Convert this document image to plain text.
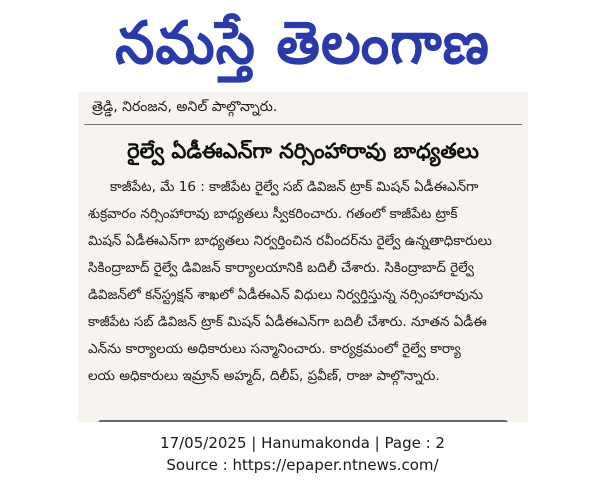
నమస్తే తెలంగాణ
త్రెడ్డి, నిరంజన, అనిల్ పాల్గొన్నారు.
రైల్వే ఏడీఈఎన్‌గా నర్సింహారావు బాధ్యతలు
కాజీపేట, మే 16 : కాజీపేట రైల్వే సబ్ డివిజన్ ట్రాక్ మిషన్ ఏడీఈఎన్‌గా
శుక్రవారం నర్సింహారావు బాధ్యతలు స్వీకరించారు. గతంలో కాజీపేట ట్రాక్
మిషన్ ఏడీఈఎన్‌గా బాధ్యతలు నిర్వర్తించిన రవీందర్‌ను రైల్వే ఉన్నతాధికారులు
సికింద్రాబాద్ రైల్వే డివిజన్ కార్యాలయానికి బదిలీ చేశారు. సికింద్రాబాద్ రైల్వే
డివిజన్‌లో కన్‌స్ట్రక్షన్ శాఖలో ఏడీఈఎన్ విధులు నిర్వర్తిస్తున్న నర్సింహారావును
కాజీపేట సబ్ డివిజన్ ట్రాక్ మిషన్ ఏడీఈఎన్‌గా బదిలీ చేశారు. నూతన ఏడీఈ
ఎన్‌ను కార్యాలయ అధికారులు సన్మానించారు. కార్యక్రమంలో రైల్వే కార్యా
లయ అధికారులు ఇమ్రాన్ అహ్మద్, దిలీప్, ప్రవీణ్, రాజు పాల్గొన్నారు.
17/05/2025 | Hanumakonda | Page : 2
Source : https://epaper.ntnews.com/
